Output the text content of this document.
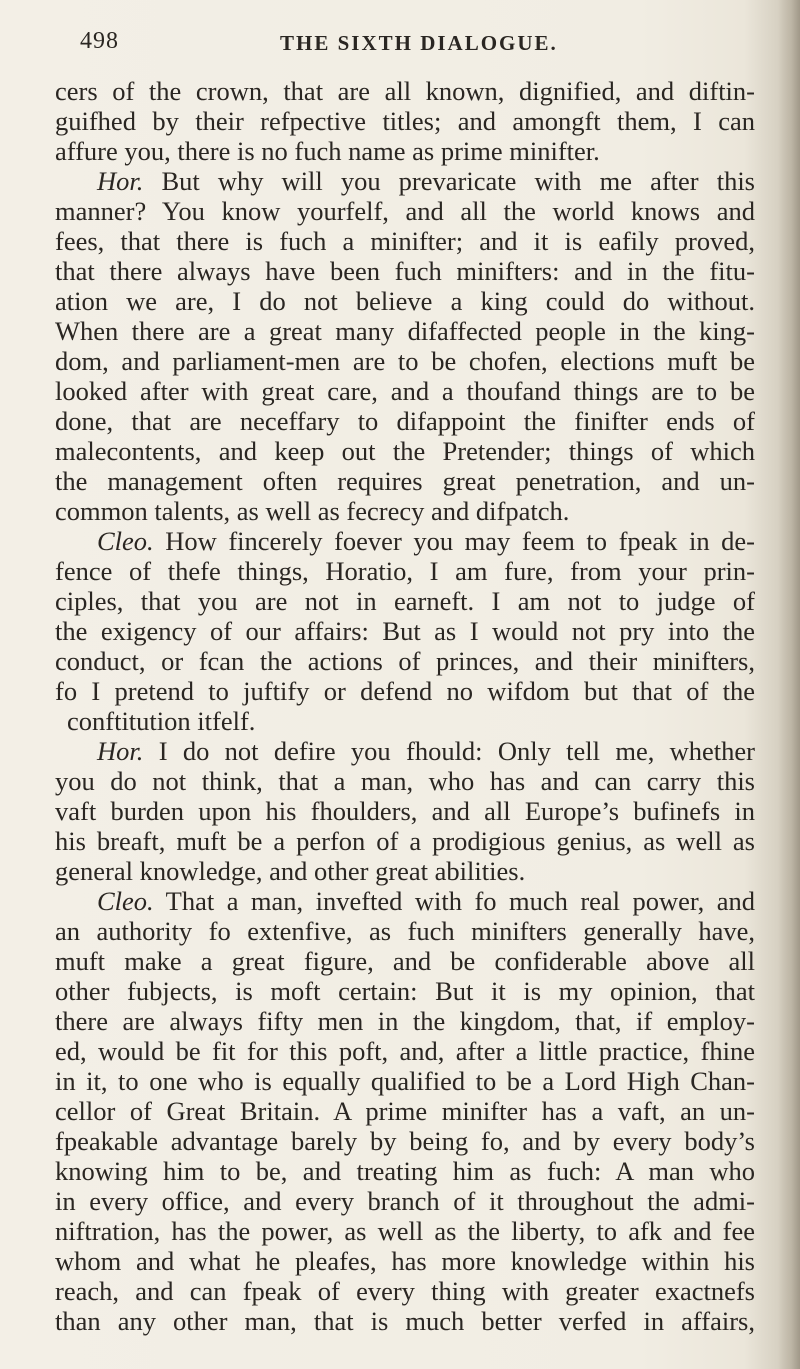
498	THE SIXTH DIALOGUE.
cers of the crown, that are all known, dignified, and diftin-
guifhed by their refpective titles; and amongft them, I can
affure you, there is no fuch name as prime minifter.
Hor. But why will you prevaricate with me after this
manner? You know yourfelf, and all the world knows and
fees, that there is fuch a minifter; and it is eafily proved,
that there always have been fuch minifters: and in the fitu-
ation we are, I do not believe a king could do without.
When there are a great many difaffected people in the king-
dom, and parliament-men are to be chofen, elections muft be
looked after with great care, and a thoufand things are to be
done, that are neceffary to difappoint the finifter ends of
malecontents, and keep out the Pretender; things of which
the management often requires great penetration, and un-
common talents, as well as fecrecy and difpatch.
Cleo. How fincerely foever you may feem to fpeak in de-
fence of thefe things, Horatio, I am fure, from your prin-
ciples, that you are not in earneft. I am not to judge of
the exigency of our affairs: But as I would not pry into the
conduct, or fcan the actions of princes, and their minifters,
fo I pretend to juftify or defend no wifdom but that of the
conftitution itfelf.
Hor. I do not defire you fhould: Only tell me, whether
you do not think, that a man, who has and can carry this
vaft burden upon his fhoulders, and all Europe’s bufinefs in
his breaft, muft be a perfon of a prodigious genius, as well as
general knowledge, and other great abilities.
Cleo. That a man, invefted with fo much real power, and
an authority fo extenfive, as fuch minifters generally have,
muft make a great figure, and be confiderable above all
other fubjects, is moft certain: But it is my opinion, that
there are always fifty men in the kingdom, that, if employ-
ed, would be fit for this poft, and, after a little practice, fhine
in it, to one who is equally qualified to be a Lord High Chan-
cellor of Great Britain. A prime minifter has a vaft, an un-
fpeakable advantage barely by being fo, and by every body’s
knowing him to be, and treating him as fuch: A man who
in every office, and every branch of it throughout the admi-
niftration, has the power, as well as the liberty, to afk and fee
whom and what he pleafes, has more knowledge within his
reach, and can fpeak of every thing with greater exactnefs
than any other man, that is much better verfed in affairs,
